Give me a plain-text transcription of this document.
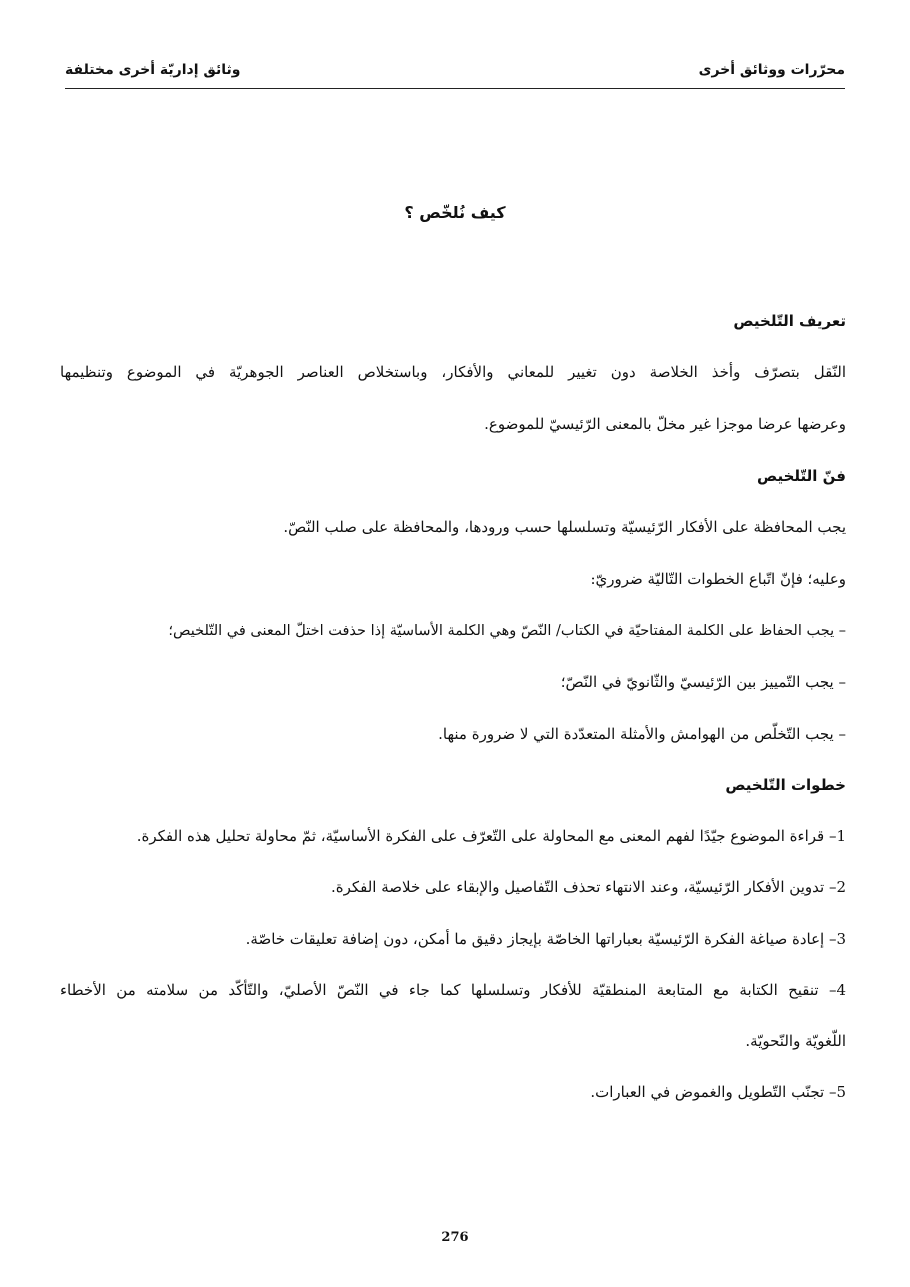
محرّرات ووثائق أخرى
وثائق إداريّة أخرى مختلفة
كيف نُلخّص ؟
تعريف التّلخيص
النّقل بتصرّف وأخذ الخلاصة دون تغيير للمعاني والأفكار، وباستخلاص العناصر الجوهريّة في الموضوع وتنظيمها
وعرضها عرضا موجزا غير مخلّ بالمعنى الرّئيسيّ للموضوع.
فنّ التّلخيص
يجب المحافظة على الأفكار الرّئيسيّة وتسلسلها حسب ورودها، والمحافظة على صلب النّصّ.
وعليه؛ فإنّ اتّباع الخطوات التّاليّة ضروريّ:
– يجب الحفاظ على الكلمة المفتاحيّة في الكتاب/ النّصّ وهي الكلمة الأساسيّة إذا حذفت اختلّ المعنى في التّلخيص؛
– يجب التّمييز بين الرّئيسيّ والثّانويّ في النّصّ؛
– يجب التّخلّص من الهوامش والأمثلة المتعدّدة التي لا ضرورة منها.
خطوات التّلخيص
1– قراءة الموضوع جيّدًا لفهم المعنى مع المحاولة على التّعرّف على الفكرة الأساسيّة، ثمّ محاولة تحليل هذه الفكرة.
2– تدوين الأفكار الرّئيسيّة، وعند الانتهاء تحذف التّفاصيل والإبقاء على خلاصة الفكرة.
3– إعادة صياغة الفكرة الرّئيسيّة بعباراتها الخاصّة بإيجاز دقيق ما أمكن، دون إضافة تعليقات خاصّة.
4– تنقيح الكتابة مع المتابعة المنطقيّة للأفكار وتسلسلها كما جاء في النّصّ الأصليّ، والتّأكّد من سلامته من الأخطاء
اللّغويّة والنّحويّة.
5– تجنّب التّطويل والغموض في العبارات.
276
